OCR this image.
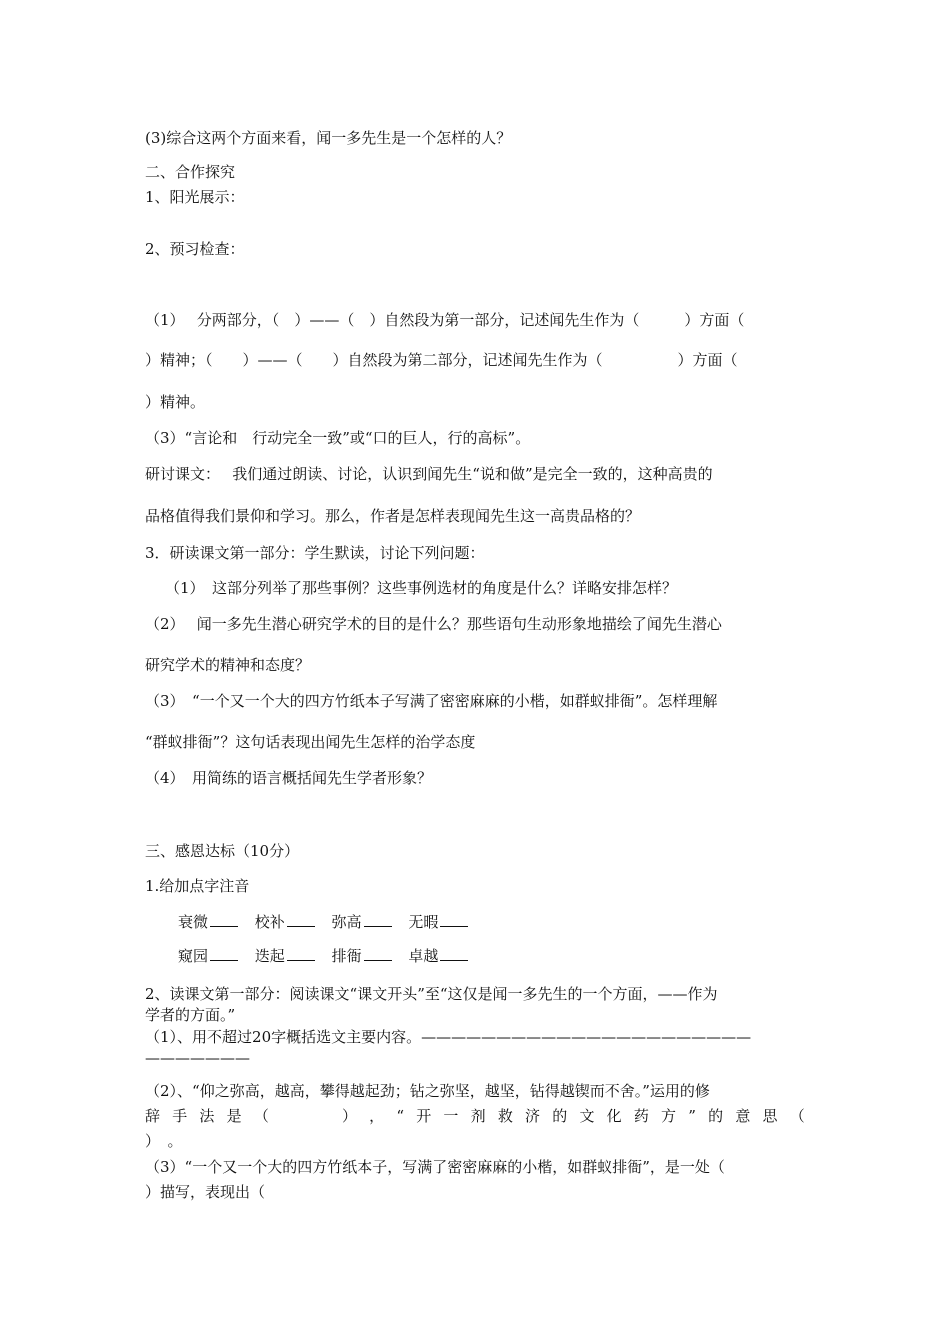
(3)综合这两个方面来看，闻一多先生是一个怎样的人？

二、合作探究

1、阳光展示：

2、预习检查：

（1）　 分两部分，（　）——（　）自然段为第一部分，记述闻先生作为（　　　）方面（

）精神；（　　）——（　　）自然段为第二部分，记述闻先生作为（　　　　　）方面（

）精神。

（3）“言论和　行动完全一致”或“口的巨人，行的高标”。

研讨课文：　 我们通过朗读、讨论，认识到闻先生“说和做”是完全一致的，这种高贵的

品格值得我们景仰和学习。那么，作者是怎样表现闻先生这一高贵品格的？

3．研读课文第一部分：学生默读，讨论下列问题：

（1）　这部分列举了那些事例？这些事例选材的角度是什么？详略安排怎样？

（2）　 闻一多先生潜心研究学术的目的是什么？那些语句生动形象地描绘了闻先生潜心

研究学术的精神和态度？

（3）　“一个又一个大的四方竹纸本子写满了密密麻麻的小楷，如群蚁排衙”。怎样理解

“群蚁排衙”？这句话表现出闻先生怎样的治学态度

（4）　用简练的语言概括闻先生学者形象？

三、感恩达标（10分）

1.给加点字注音

衰微	校补	弥高	无暇

窥园	迭起	排衙	卓越

2、读课文第一部分：阅读课文“课文开头”至“这仅是闻一多先生的一个方面，——作为

学者的方面。”

（1）、用不超过20字概括选文主要内容。——————————————————————

———————

（2）、“仰之弥高，越高，攀得越起劲；钻之弥坚，越坚，钻得越锲而不舍。”运用的修

辞 手 法 是 （	） ， “ 开 一 剂 救 济 的 文 化 药 方 ” 的 意 思 （

）　。

（3）“一个又一个大的四方竹纸本子，写满了密密麻麻的小楷，如群蚁排衙”，是一处（

）描写，表现出（
